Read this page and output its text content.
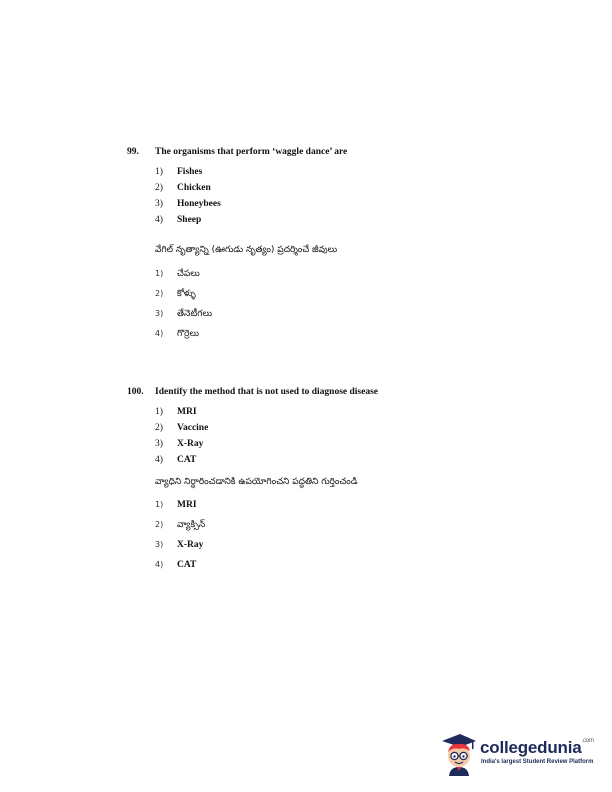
99. The organisms that perform ‘waggle dance’ are
1) Fishes
2) Chicken
3) Honeybees
4) Sheep
వేగిల్ నృత్యాన్ని (ఊగుడు నృత్యం) ప్రదర్శించే జీవులు
1) చేపలు
2) కోళ్ళు
3) తేనెటీగలు
4) గొర్రెలు
100. Identify the method that is not used to diagnose disease
1) MRI
2) Vaccine
3) X-Ray
4) CAT
వ్యాధిని నిర్ధారించడానికి ఉపయోగించని పద్ధతిని గుర్తించండి
1) MRI
2) వ్యాక్సిన్
3) X-Ray
4) CAT
collegedunia$^{.com}$
India's largest Student Review Platform
